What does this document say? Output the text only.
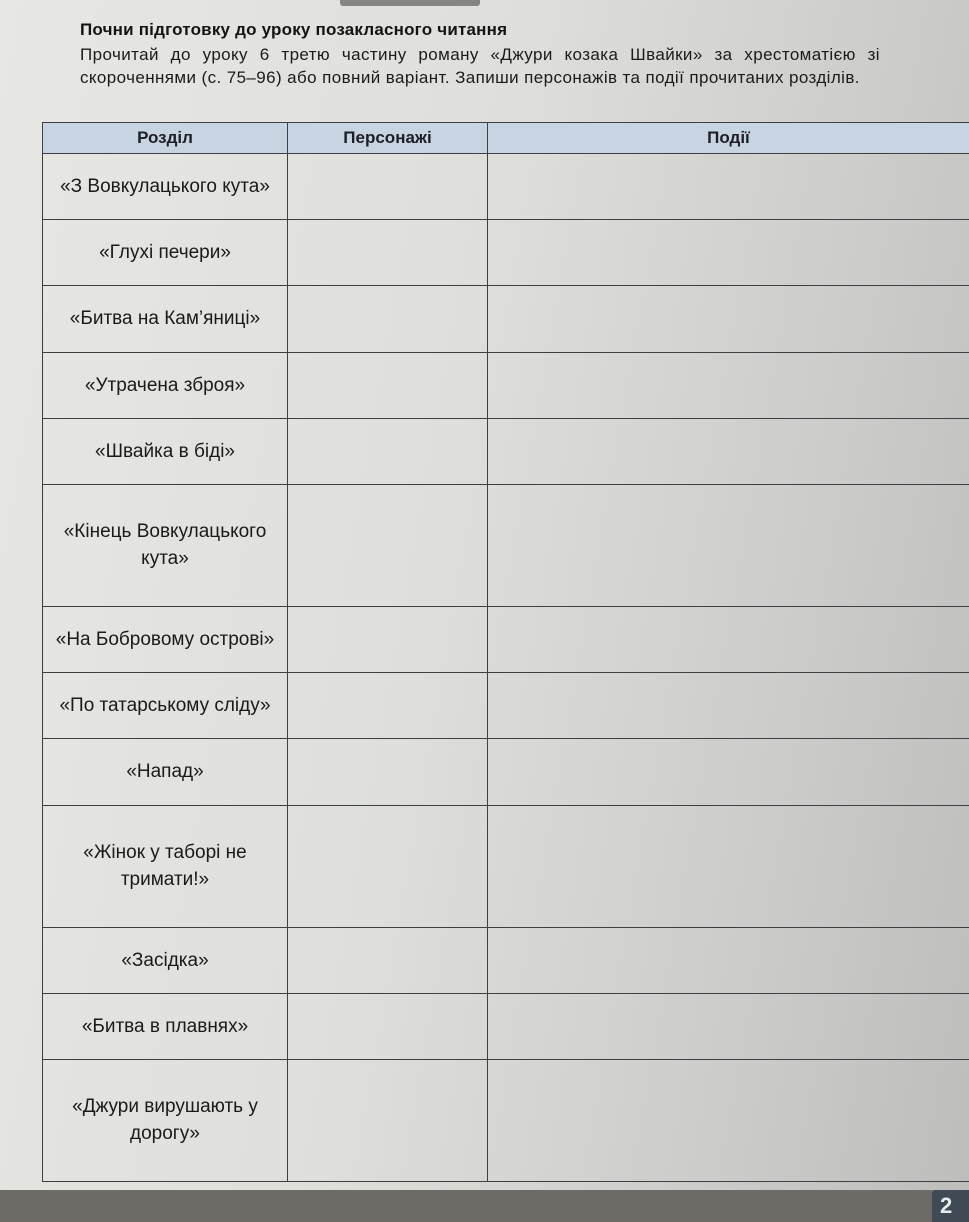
Почни підготовку до уроку позакласного читання
Прочитай до уроку 6 третю частину роману «Джури козака Швайки» за хрестоматією зі скороченнями (с. 75–96) або повний варіант. Запиши персонажів та події прочитаних розділів.
Розділ	Персонажі	Події
«З Вовкулацького кута»		
«Глухі печери»		
«Битва на Кам’яниці»		
«Утрачена зброя»		
«Швайка в біді»		
«Кінець Вовкулацького кута»		
«На Бобровому острові»		
«По татарському сліду»		
«Напад»		
«Жінок у таборі не тримати!»		
«Засідка»		
«Битва в плавнях»		
«Джури вирушають у дорогу»		
2
